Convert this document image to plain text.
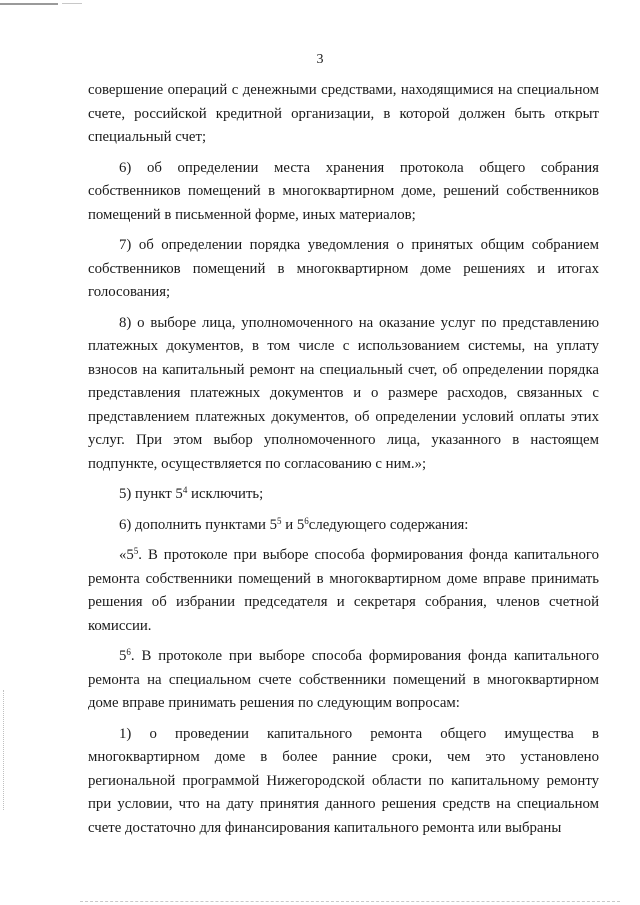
3

совершение операций с денежными средствами, находящимися на специальном счете, российской кредитной организации, в которой должен быть открыт специальный счет;

6) об определении места хранения протокола общего собрания собственников помещений в многоквартирном доме, решений собственников помещений в письменной форме, иных материалов;

7) об определении порядка уведомления о принятых общим собранием собственников помещений в многоквартирном доме решениях и итогах голосования;

8) о выборе лица, уполномоченного на оказание услуг по представлению платежных документов, в том числе с использованием системы, на уплату взносов на капитальный ремонт на специальный счет, об определении порядка представления платежных документов и о размере расходов, связанных с представлением платежных документов, об определении условий оплаты этих услуг. При этом выбор уполномоченного лица, указанного в настоящем подпункте, осуществляется по согласованию с ним.»;

5) пункт $5^4$ исключить;

6) дополнить пунктами $5^5$ и $5^6следующего$ содержания:

«$5^5$. В протоколе при выборе способа формирования фонда капитального ремонта собственники помещений в многоквартирном доме вправе принимать решения об избрании председателя и секретаря собрания, членов счетной комиссии.

$5^6$. В протоколе при выборе способа формирования фонда капитального ремонта на специальном счете собственники помещений в многоквартирном доме вправе принимать решения по следующим вопросам:

1) о проведении капитального ремонта общего имущества в многоквартирном доме в более ранние сроки, чем это установлено региональной программой Нижегородской области по капитальному ремонту при условии, что на дату принятия данного решения средств на специальном счете достаточно для финансирования капитального ремонта или выбраны
